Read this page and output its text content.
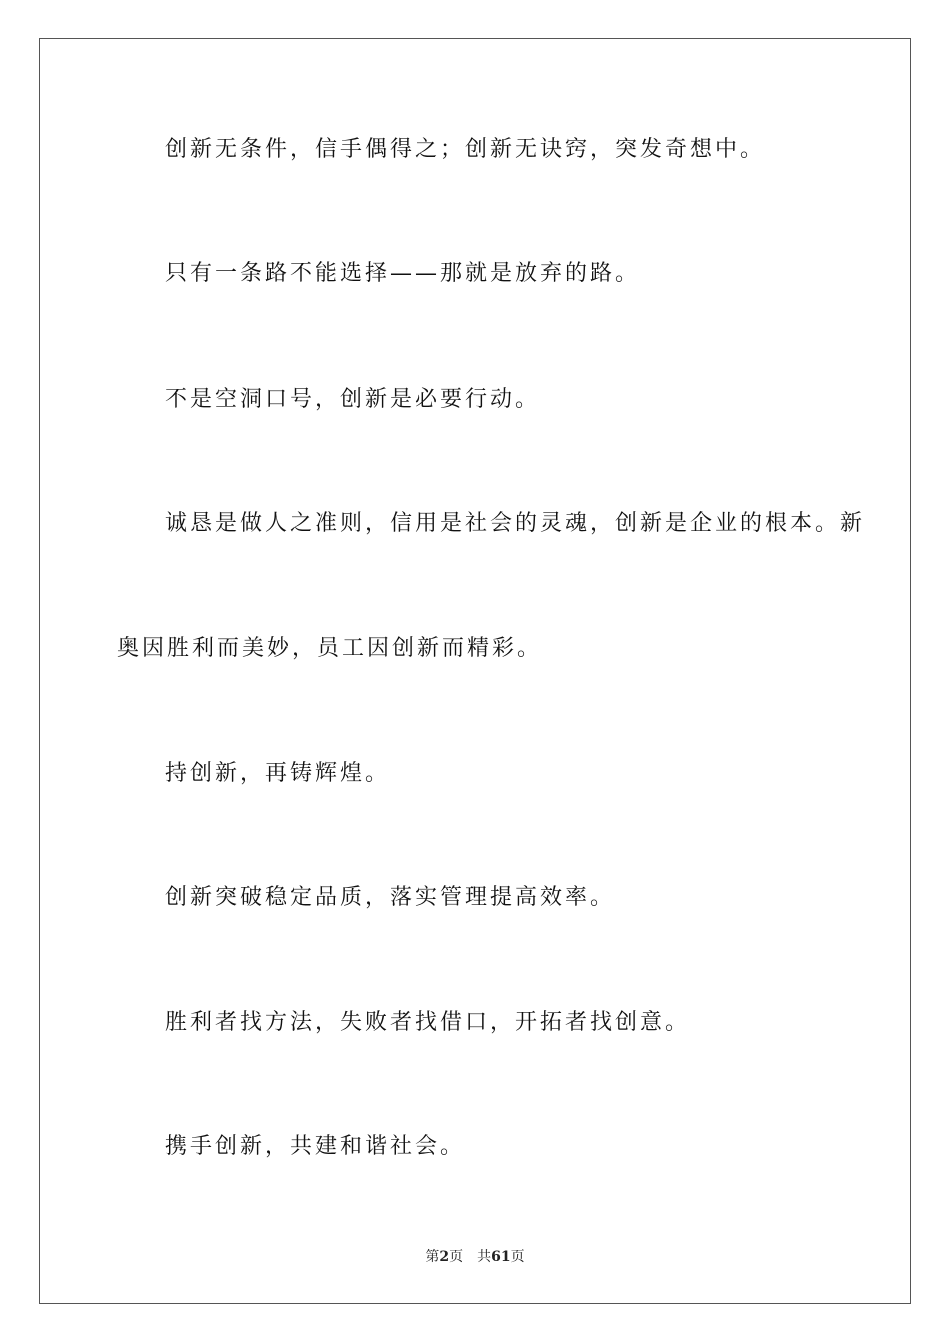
创新无条件，信手偶得之；创新无诀窍，突发奇想中。

只有一条路不能选择——那就是放弃的路。

不是空洞口号，创新是必要行动。

诚恳是做人之准则，信用是社会的灵魂，创新是企业的根本。新

奥因胜利而美妙，员工因创新而精彩。

持创新，再铸辉煌。

创新突破稳定品质，落实管理提高效率。

胜利者找方法，失败者找借口，开拓者找创意。

携手创新，共建和谐社会。

第2页 共61页
